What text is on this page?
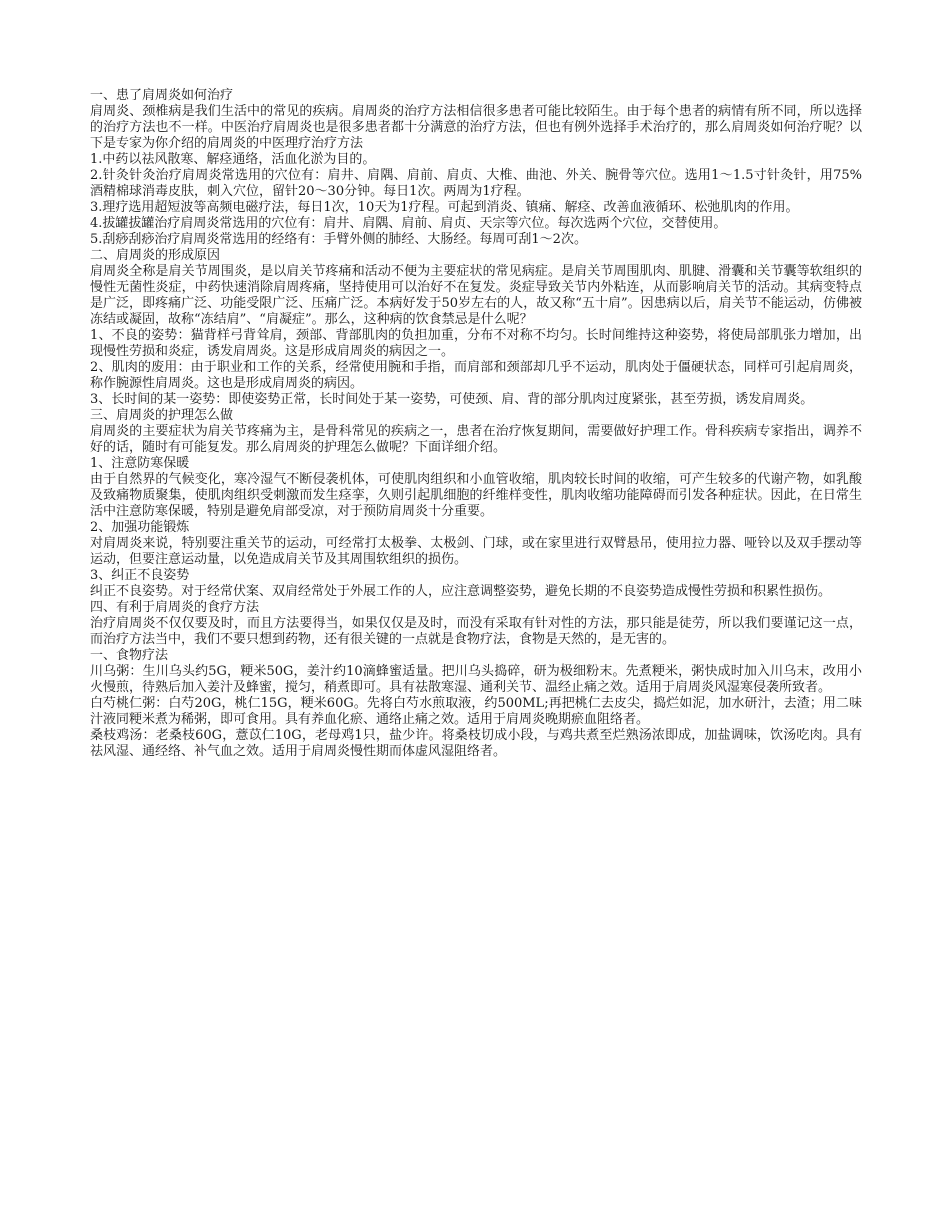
一、患了肩周炎如何治疗

肩周炎、颈椎病是我们生活中的常见的疾病。肩周炎的治疗方法相信很多患者可能比较陌生。由于每个患者的病情有所不同，所以选择的治疗方法也不一样。中医治疗肩周炎也是很多患者都十分满意的治疗方法，但也有例外选择手术治疗的，那么肩周炎如何治疗呢？以下是专家为你介绍的肩周炎的中医理疗治疗方法

1.中药以祛风散寒、解痉通络，活血化淤为目的。

2.针灸针灸治疗肩周炎常选用的穴位有：肩井、肩隅、肩前、肩贞、大椎、曲池、外关、腕骨等穴位。选用1～1.5寸针灸针，用75%酒精棉球消毒皮肤，刺入穴位，留针20～30分钟。每日1次。两周为1疗程。

3.理疗选用超短波等高频电磁疗法，每日1次，10天为1疗程。可起到消炎、镇痛、解痉、改善血液循环、松弛肌肉的作用。

4.拔罐拔罐治疗肩周炎常选用的穴位有：肩井、肩隅、肩前、肩贞、天宗等穴位。每次选两个穴位，交替使用。

5.刮痧刮痧治疗肩周炎常选用的经络有：手臂外侧的肺经、大肠经。每周可刮1～2次。

二、肩周炎的形成原因

肩周炎全称是肩关节周围炎，是以肩关节疼痛和活动不便为主要症状的常见病症。是肩关节周围肌肉、肌腱、滑囊和关节囊等软组织的慢性无菌性炎症，中药快速消除肩周疼痛，坚持使用可以治好不在复发。炎症导致关节内外粘连，从而影响肩关节的活动。其病变特点是广泛，即疼痛广泛、功能受限广泛、压痛广泛。本病好发于50岁左右的人，故又称“五十肩”。因患病以后，肩关节不能运动，仿佛被冻结或凝固，故称“冻结肩”、“肩凝症”。那么，这种病的饮食禁忌是什么呢？

1、不良的姿势：猫背样弓背耸肩，颈部、背部肌肉的负担加重，分布不对称不均匀。长时间维持这种姿势，将使局部肌张力增加，出现慢性劳损和炎症，诱发肩周炎。这是形成肩周炎的病因之一。

2、肌肉的废用：由于职业和工作的关系，经常使用腕和手指，而肩部和颈部却几乎不运动，肌肉处于僵硬状态，同样可引起肩周炎，称作腕源性肩周炎。这也是形成肩周炎的病因。

3、长时间的某一姿势：即使姿势正常，长时间处于某一姿势，可使颈、肩、背的部分肌肉过度紧张，甚至劳损，诱发肩周炎。

三、肩周炎的护理怎么做

肩周炎的主要症状为肩关节疼痛为主，是骨科常见的疾病之一，患者在治疗恢复期间，需要做好护理工作。骨科疾病专家指出，调养不好的话，随时有可能复发。那么肩周炎的护理怎么做呢？下面详细介绍。

1、注意防寒保暖

由于自然界的气候变化，寒冷湿气不断侵袭机体，可使肌肉组织和小血管收缩，肌肉较长时间的收缩，可产生较多的代谢产物，如乳酸及致痛物质聚集，使肌肉组织受刺激而发生痉挛，久则引起肌细胞的纤维样变性，肌肉收缩功能障碍而引发各种症状。因此，在日常生活中注意防寒保暖，特别是避免肩部受凉，对于预防肩周炎十分重要。

2、加强功能锻炼

对肩周炎来说，特别要注重关节的运动，可经常打太极拳、太极剑、门球，或在家里进行双臂悬吊，使用拉力器、哑铃以及双手摆动等运动，但要注意运动量，以免造成肩关节及其周围软组织的损伤。

3、纠正不良姿势

纠正不良姿势。对于经常伏案、双肩经常处于外展工作的人，应注意调整姿势，避免长期的不良姿势造成慢性劳损和积累性损伤。

四、有利于肩周炎的食疗方法

治疗肩周炎不仅仅要及时，而且方法要得当，如果仅仅是及时，而没有采取有针对性的方法，那只能是徒劳，所以我们要谨记这一点，而治疗方法当中，我们不要只想到药物，还有很关键的一点就是食物疗法，食物是天然的，是无害的。

一、食物疗法

川乌粥：生川乌头约5G，粳米50G，姜汁约10滴蜂蜜适量。把川乌头捣碎，研为极细粉末。先煮粳米，粥快成时加入川乌末，改用小火慢煎，待熟后加入姜汁及蜂蜜，搅匀，稍煮即可。具有祛散寒湿、通利关节、温经止痛之效。适用于肩周炎风湿寒侵袭所致者。

白芍桃仁粥：白芍20G，桃仁15G，粳米60G。先将白芍水煎取液，约500ML;再把桃仁去皮尖，捣烂如泥，加水研汁，去渣；用二味汁液同粳米煮为稀粥，即可食用。具有养血化瘀、通络止痛之效。适用于肩周炎晚期瘀血阻络者。

桑枝鸡汤：老桑枝60G，薏苡仁10G，老母鸡1只，盐少许。将桑枝切成小段，与鸡共煮至烂熟汤浓即成，加盐调味，饮汤吃肉。具有祛风湿、通经络、补气血之效。适用于肩周炎慢性期而体虚风湿阻络者。
